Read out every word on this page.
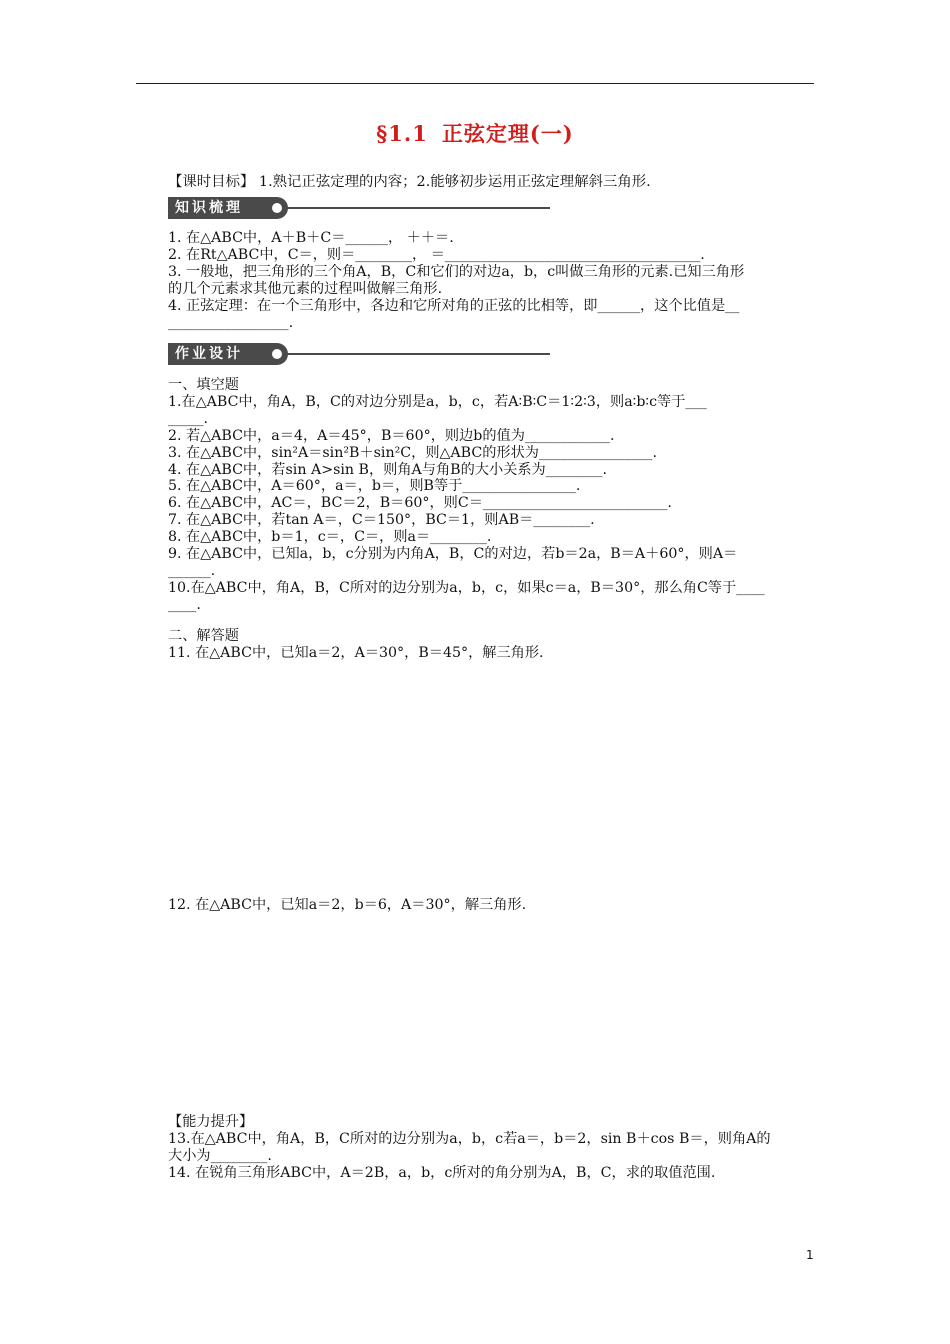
§1.1 正弦定理(一)
【课时目标】 1.熟记正弦定理的内容；2.能够初步运用正弦定理解斜三角形.
知识梳理

1. 在△ABC中，A＋B＋C＝______， ＋＋＝.

2. 在Rt△ABC中，C＝，则＝________， ＝____________________________________.

3. 一般地，把三角形的三个角A，B，C和它们的对边a，b，c叫做三角形的元素.已知三角形

的几个元素求其他元素的过程叫做解三角形.

4. 正弦定理：在一个三角形中，各边和它所对角的正弦的比相等，即______，这个比值是__

_________________.

作业设计

一、填空题

1.在△ABC中，角A，B，C的对边分别是a，b，c，若A∶B∶C＝1∶2∶3，则a∶b∶c等于___

_____.

2. 若△ABC中，a＝4，A＝45°，B＝60°，则边b的值为____________.

3. 在△ABC中，sin²A＝sin²B＋sin²C，则△ABC的形状为________________.

4. 在△ABC中，若sin A>sin B，则角A与角B的大小关系为________.

5. 在△ABC中，A＝60°，a＝，b＝，则B等于________________.

6. 在△ABC中，AC＝，BC＝2，B＝60°，则C＝__________________________.

7. 在△ABC中，若tan A＝，C＝150°，BC＝1，则AB＝________.

8. 在△ABC中，b＝1，c＝，C＝，则a＝________.

9. 在△ABC中，已知a，b，c分别为内角A，B，C的对边，若b＝2a，B＝A＋60°，则A＝

______.

10.在△ABC中，角A，B，C所对的边分别为a，b，c，如果c＝a，B＝30°，那么角C等于____

____.

二、解答题

11. 在△ABC中，已知a＝2，A＝30°，B＝45°，解三角形.

12. 在△ABC中，已知a＝2，b＝6，A＝30°，解三角形.

【能力提升】

13.在△ABC中，角A，B，C所对的边分别为a，b，c若a＝，b＝2，sin B＋cos B＝，则角A的

大小为________.

14. 在锐角三角形ABC中，A＝2B，a，b，c所对的角分别为A，B，C，求的取值范围.

1
